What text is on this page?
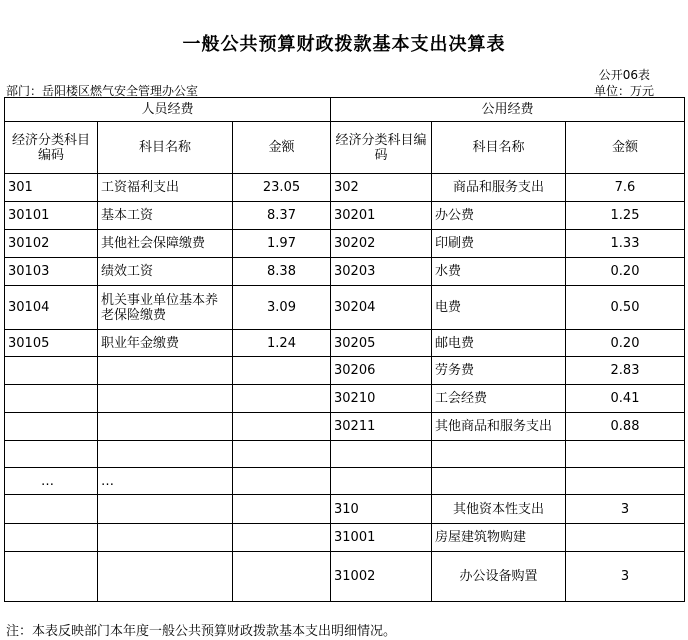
一般公共预算财政拨款基本支出决算表
公开06表
部门：岳阳楼区燃气安全管理办公室	单位：万元
人员经费			公用经费		
经济分类科目编码	科目名称	金额	经济分类科目编码	科目名称	金额
301	工资福利支出	23.05	302	商品和服务支出	7.6
30101	基本工资	8.37	30201	办公费	1.25
30102	其他社会保障缴费	1.97	30202	印刷费	1.33
30103	绩效工资	8.38	30203	水费	0.20
30104	机关事业单位基本养老保险缴费	3.09	30204	电费	0.50
30105	职业年金缴费	1.24	30205	邮电费	0.20
			30206	劳务费	2.83
			30210	工会经费	0.41
			30211	其他商品和服务支出	0.88

…	…				
			310	其他资本性支出	3
			31001	房屋建筑物购建	
			31002	办公设备购置	3
注：本表反映部门本年度一般公共预算财政拨款基本支出明细情况。
